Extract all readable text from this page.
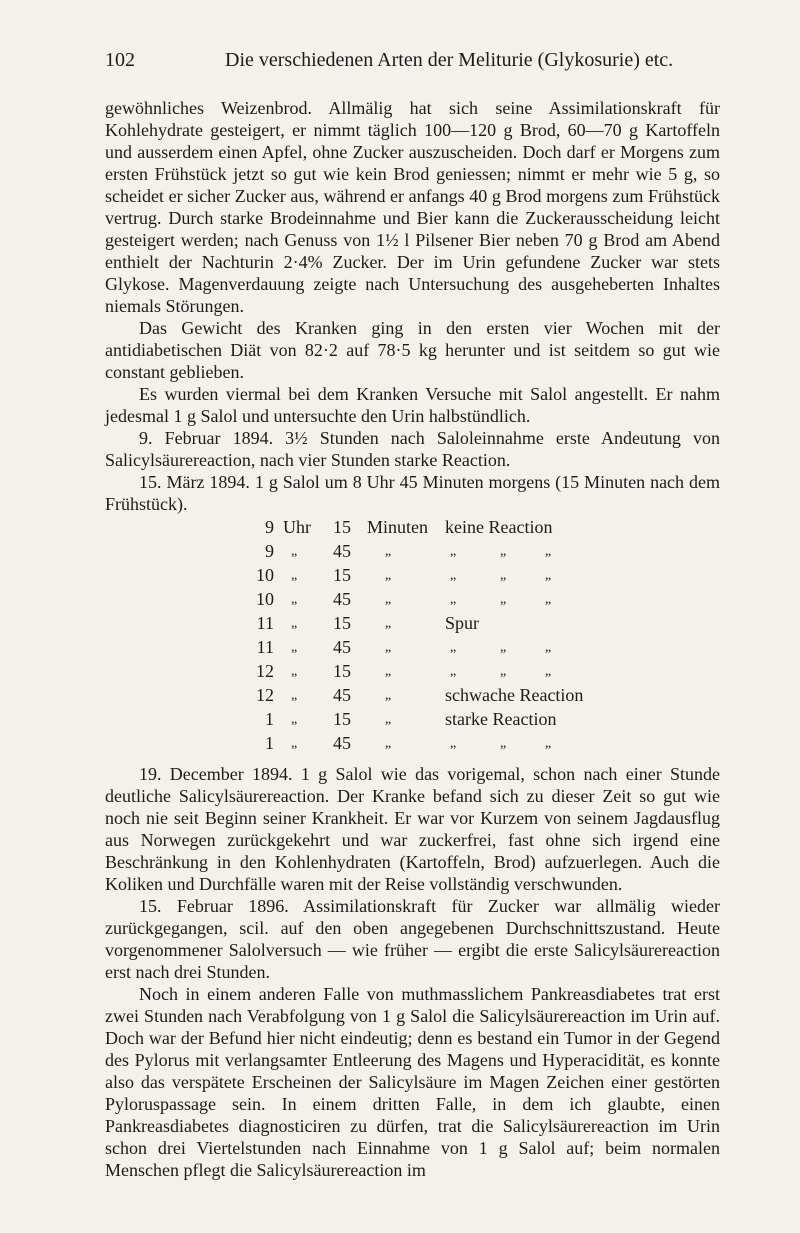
102	Die verschiedenen Arten der Meliturie (Glykosurie) etc.

gewöhnliches Weizenbrod. Allmälig hat sich seine Assimilationskraft für Kohlehydrate gesteigert, er nimmt täglich 100—120 g Brod, 60—70 g Kartoffeln und ausserdem einen Apfel, ohne Zucker auszuscheiden. Doch darf er Morgens zum ersten Frühstück jetzt so gut wie kein Brod geniessen; nimmt er mehr wie 5 g, so scheidet er sicher Zucker aus, während er anfangs 40 g Brod morgens zum Frühstück vertrug. Durch starke Brodeinnahme und Bier kann die Zuckerausscheidung leicht gesteigert werden; nach Genuss von 1½ l Pilsener Bier neben 70 g Brod am Abend enthielt der Nachturin 2·4% Zucker. Der im Urin gefundene Zucker war stets Glykose. Magenverdauung zeigte nach Untersuchung des ausgeheberten Inhaltes niemals Störungen.

Das Gewicht des Kranken ging in den ersten vier Wochen mit der antidiabetischen Diät von 82·2 auf 78·5 kg herunter und ist seitdem so gut wie constant geblieben.

Es wurden viermal bei dem Kranken Versuche mit Salol angestellt. Er nahm jedesmal 1 g Salol und untersuchte den Urin halbstündlich.

9. Februar 1894. 3½ Stunden nach Saloleinnahme erste Andeutung von Salicylsäurereaction, nach vier Stunden starke Reaction.

15. März 1894. 1 g Salol um 8 Uhr 45 Minuten morgens (15 Minuten nach dem Frühstück).

9 Uhr	15 Minuten keine Reaction
9 „	45 „	„	„	„
10 „	15 „	„	„	„
10 „	45 „	„	„	„
11 „	15 „	Spur
11 „	45 „	„	„	„
12 „	15 „	„	„	„
12 „	45 „	schwache Reaction
1 „	15 „	starke Reaction
1 „	45 „	„	„	„

19. December 1894. 1 g Salol wie das vorigemal, schon nach einer Stunde deutliche Salicylsäurereaction. Der Kranke befand sich zu dieser Zeit so gut wie noch nie seit Beginn seiner Krankheit. Er war vor Kurzem von seinem Jagdausflug aus Norwegen zurückgekehrt und war zuckerfrei, fast ohne sich irgend eine Beschränkung in den Kohlenhydraten (Kartoffeln, Brod) aufzuerlegen. Auch die Koliken und Durchfälle waren mit der Reise vollständig verschwunden.

15. Februar 1896. Assimilationskraft für Zucker war allmälig wieder zurückgegangen, scil. auf den oben angegebenen Durchschnittszustand. Heute vorgenommener Salolversuch — wie früher — ergibt die erste Salicylsäurereaction erst nach drei Stunden.

Noch in einem anderen Falle von muthmasslichem Pankreasdiabetes trat erst zwei Stunden nach Verabfolgung von 1 g Salol die Salicylsäurereaction im Urin auf. Doch war der Befund hier nicht eindeutig; denn es bestand ein Tumor in der Gegend des Pylorus mit verlangsamter Entleerung des Magens und Hyperacidität, es konnte also das verspätete Erscheinen der Salicylsäure im Magen Zeichen einer gestörten Pyloruspassage sein. In einem dritten Falle, in dem ich glaubte, einen Pankreasdiabetes diagnosticiren zu dürfen, trat die Salicylsäurereaction im Urin schon drei Viertelstunden nach Einnahme von 1 g Salol auf; beim normalen Menschen pflegt die Salicylsäurereaction im
